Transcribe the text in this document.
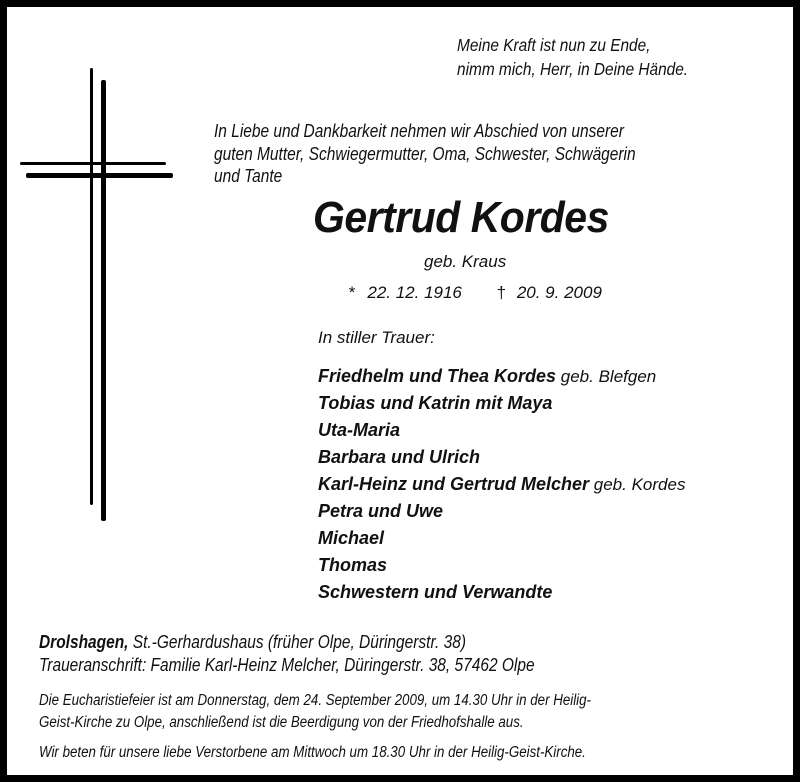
Meine Kraft ist nun zu Ende,
nimm mich, Herr, in Deine Hände.
In Liebe und Dankbarkeit nehmen wir Abschied von unserer
guten Mutter, Schwiegermutter, Oma, Schwester, Schwägerin
und Tante
Gertrud Kordes
geb. Kraus
* 22. 12. 1916 † 20. 9. 2009
In stiller Trauer:
Friedhelm und Thea Kordes geb. Blefgen
Tobias und Katrin mit Maya
Uta-Maria
Barbara und Ulrich
Karl-Heinz und Gertrud Melcher geb. Kordes
Petra und Uwe
Michael
Thomas
Schwestern und Verwandte
Drolshagen, St.-Gerhardushaus (früher Olpe, Düringerstr. 38)
Traueranschrift: Familie Karl-Heinz Melcher, Düringerstr. 38, 57462 Olpe
Die Eucharistiefeier ist am Donnerstag, dem 24. September 2009, um 14.30 Uhr in der Heilig-
Geist-Kirche zu Olpe, anschließend ist die Beerdigung von der Friedhofshalle aus.
Wir beten für unsere liebe Verstorbene am Mittwoch um 18.30 Uhr in der Heilig-Geist-Kirche.
